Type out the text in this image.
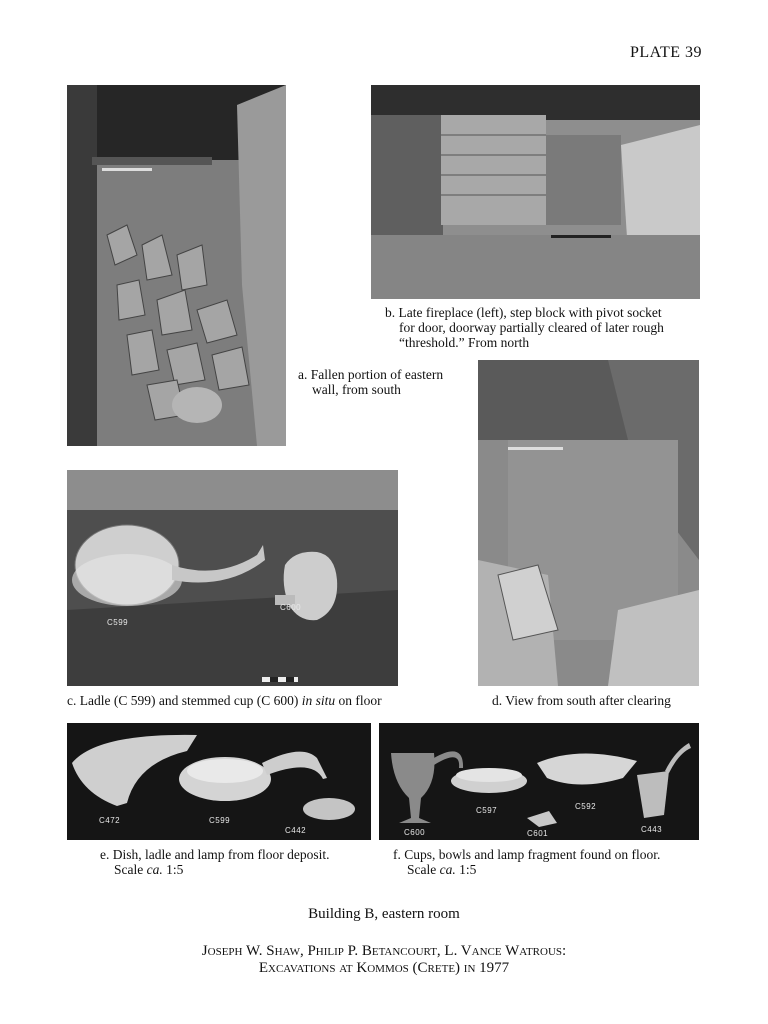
PLATE 39
b. Late fireplace (left), step block with pivot socket
for door, doorway partially cleared of later rough
“threshold.” From north
a. Fallen portion of eastern
wall, from south
C600
C599
c. Ladle (C 599) and stemmed cup (C 600) in situ on floor	d. View from south after clearing
C472	C599
C442	C600
C597
C601
C592
C443
e. Dish, ladle and lamp from floor deposit.
Scale ca. 1:5
f. Cups, bowls and lamp fragment found on floor.
Scale ca. 1:5
Building B, eastern room
Joseph W. Shaw, Philip P. Betancourt, L. Vance Watrous:
Excavations at Kommos (Crete) in 1977
